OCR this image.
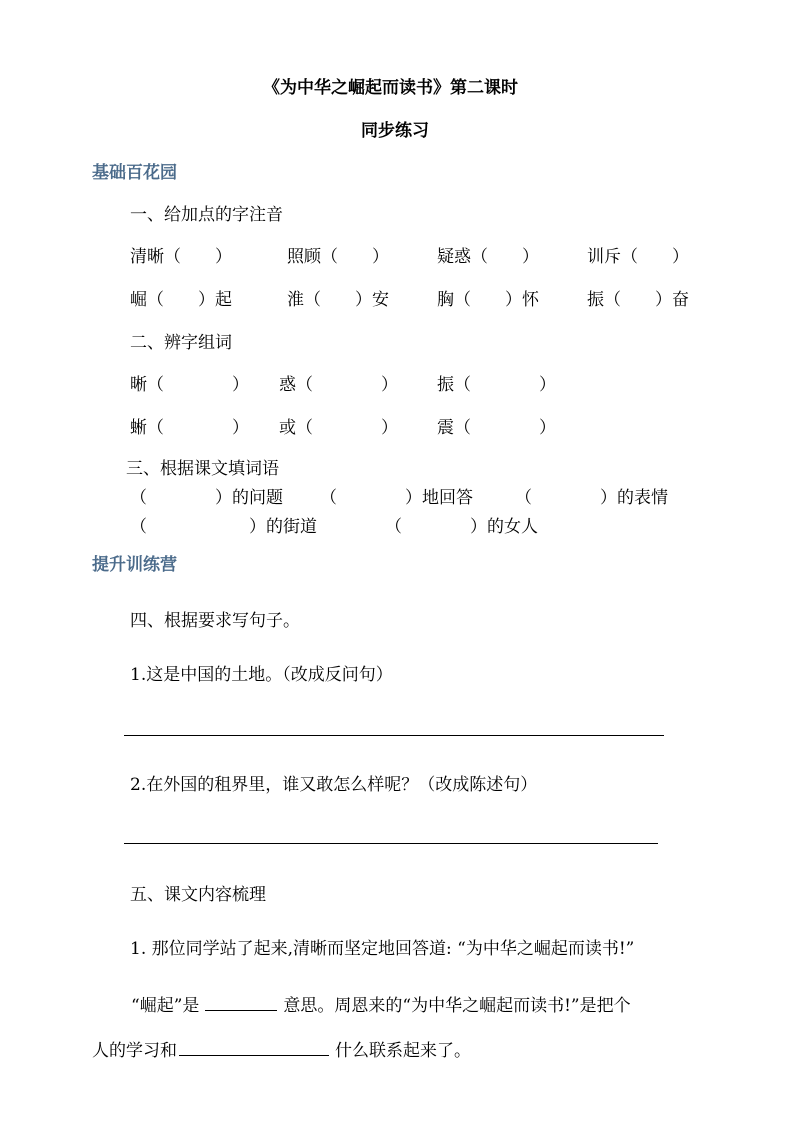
《为中华之崛起而读书》第二课时
同步练习
基础百花园
一、给加点的字注音
清晰（　　）	照顾（　　）	疑惑（　　）	训斥（　　）
崛（　　）起	淮（　　）安	胸（　　）怀	振（　　）奋
二、辨字组词
晰（　　　　） 惑（　　　　） 振（　　　　）
蜥（　　　　） 或（　　　　） 震（　　　　）
三、根据课文填词语
（　　　　）的问题 （　　　　）地回答 （　　　　）的表情
（　　　　　　）的街道	（　　　　）的女人
提升训练营
四、根据要求写句子。
1.这是中国的土地。（改成反问句）
2.在外国的租界里，谁又敢怎么样呢？（改成陈述句）
五、课文内容梳理
1. 那位同学站了起来,清晰而坚定地回答道: “为中华之崛起而读书!”
“崛起”是	意思。周恩来的“为中华之崛起而读书!”是把个
人的学习和	什么联系起来了。
